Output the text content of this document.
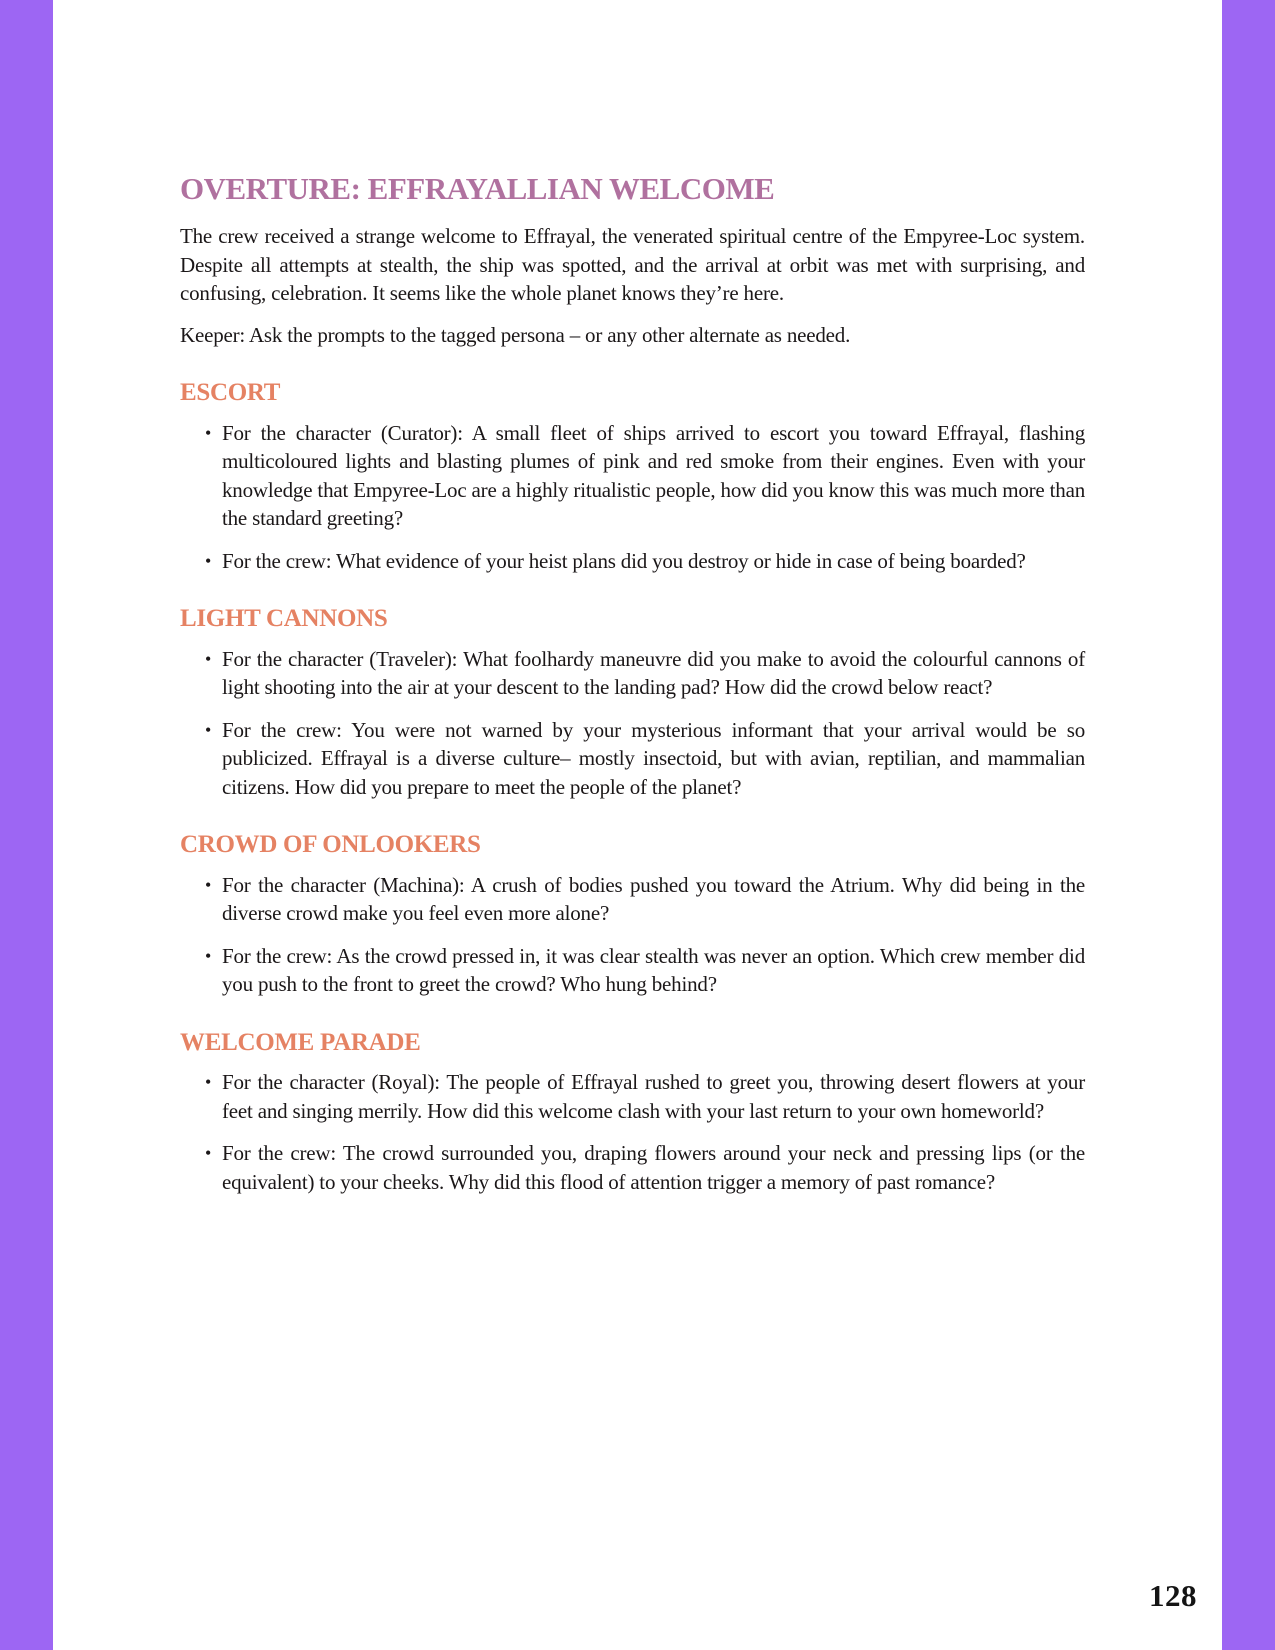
OVERTURE: EFFRAYALLIAN WELCOME

The crew received a strange welcome to Effrayal, the venerated spiritual centre of the Empyree-Loc system. Despite all attempts at stealth, the ship was spotted, and the arrival at orbit was met with surprising, and confusing, celebration. It seems like the whole planet knows they’re here.

Keeper: Ask the prompts to the tagged persona – or any other alternate as needed.

ESCORT
• For the character (Curator): A small fleet of ships arrived to escort you toward Effrayal, flashing multicoloured lights and blasting plumes of pink and red smoke from their engines. Even with your knowledge that Empyree-Loc are a highly ritualistic people, how did you know this was much more than the standard greeting?
• For the crew: What evidence of your heist plans did you destroy or hide in case of being boarded?
LIGHT CANNONS
• For the character (Traveler): What foolhardy maneuvre did you make to avoid the colourful cannons of light shooting into the air at your descent to the landing pad? How did the crowd below react?
• For the crew: You were not warned by your mysterious informant that your arrival would be so publicized. Effrayal is a diverse culture– mostly insectoid, but with avian, reptilian, and mammalian citizens. How did you prepare to meet the people of the planet?
CROWD OF ONLOOKERS
• For the character (Machina): A crush of bodies pushed you toward the Atrium. Why did being in the diverse crowd make you feel even more alone?
• For the crew: As the crowd pressed in, it was clear stealth was never an option. Which crew member did you push to the front to greet the crowd? Who hung behind?
WELCOME PARADE
• For the character (Royal): The people of Effrayal rushed to greet you, throwing desert flowers at your feet and singing merrily. How did this welcome clash with your last return to your own homeworld?
• For the crew: The crowd surrounded you, draping flowers around your neck and pressing lips (or the equivalent) to your cheeks. Why did this flood of attention trigger a memory of past romance?
128
